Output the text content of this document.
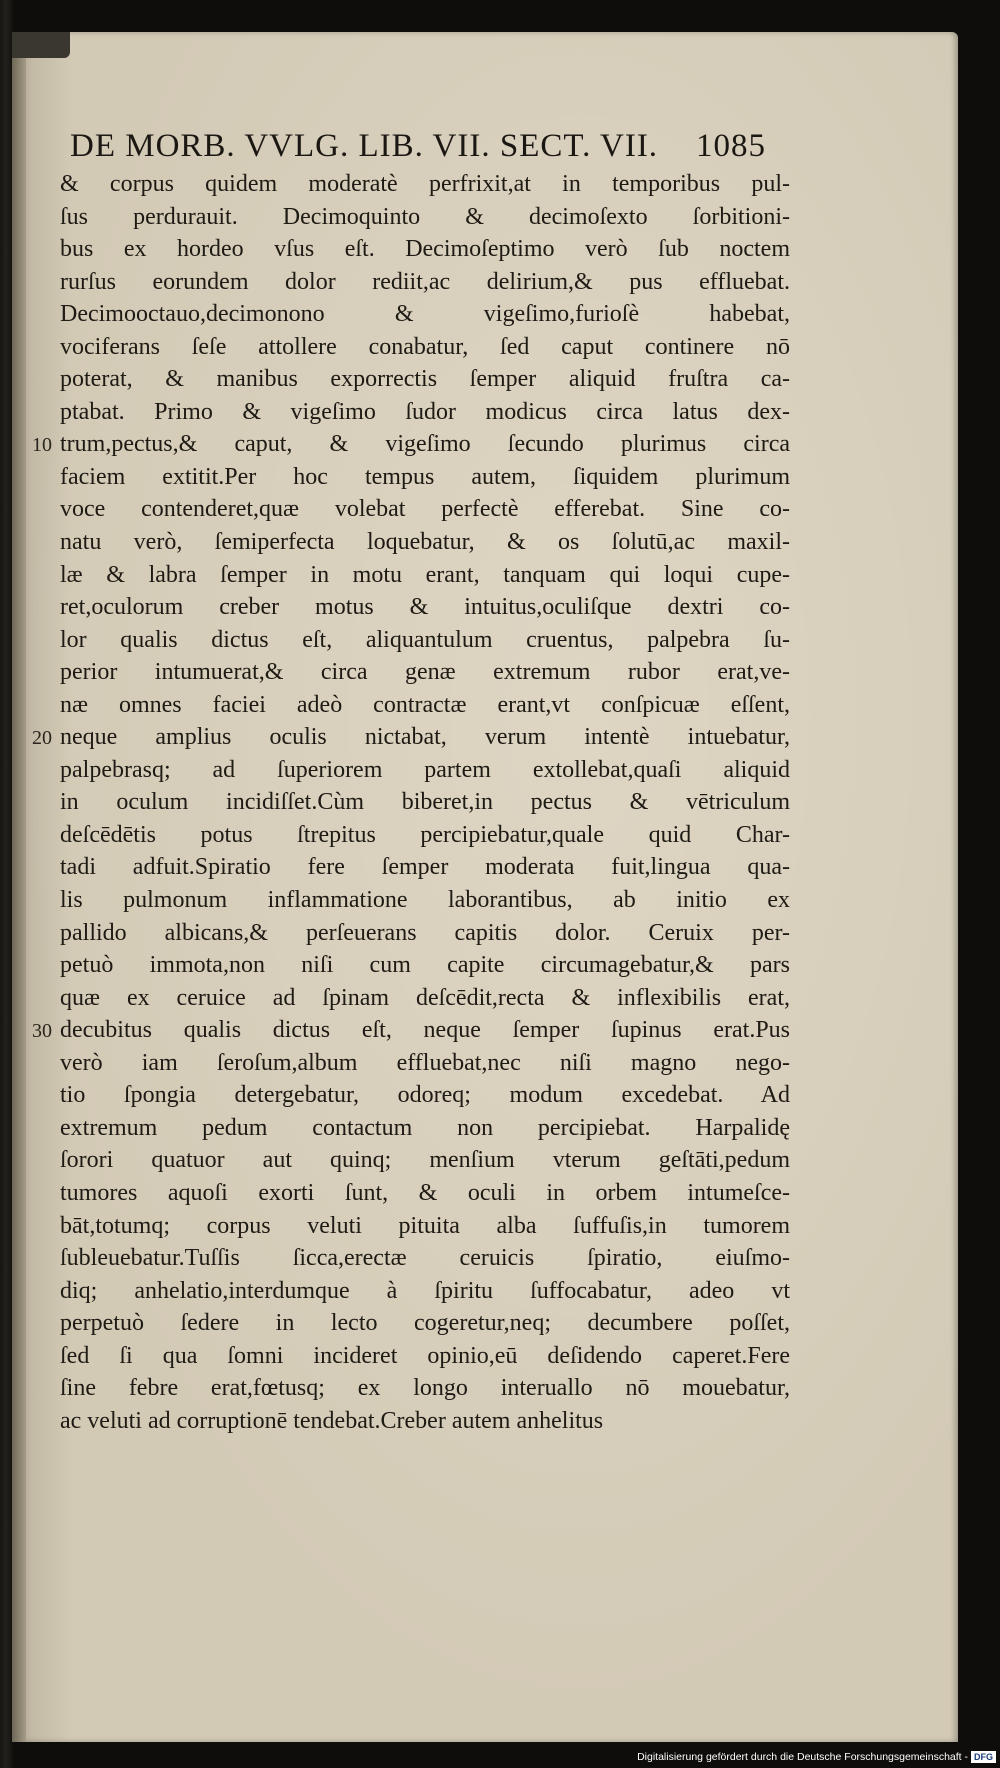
DE MORB. VVLG. LIB. VII. SECT. VII. 1085
& corpus quidem moderatè perfrixit,at in temporibus pul-
ſus perdurauit. Decimoquinto & decimoſexto ſorbitioni-
bus ex hordeo vſus eſt. Decimoſeptimo verò ſub noctem
rurſus eorundem dolor rediit,ac delirium,& pus effluebat.
Decimooctauo,decimonono & vigeſimo,furioſè habebat,
vociferans ſeſe attollere conabatur, ſed caput continere nō
poterat, & manibus exporrectis ſemper aliquid fruſtra ca-
ptabat. Primo & vigeſimo ſudor modicus circa latus dex-
trum,pectus,& caput, & vigeſimo ſecundo plurimus circa
faciem extitit.Per hoc tempus autem, ſiquidem plurimum
voce contenderet,quæ volebat perfectè efferebat. Sine co-
natu verò, ſemiperfecta loquebatur, & os ſolutū,ac maxil-
læ & labra ſemper in motu erant, tanquam qui loqui cupe-
ret,oculorum creber motus & intuitus,oculiſque dextri co-
lor qualis dictus eſt, aliquantulum cruentus, palpebra ſu-
perior intumuerat,& circa genæ extremum rubor erat,ve-
næ omnes faciei adeò contractæ erant,vt conſpicuæ eſſent,
neque amplius oculis nictabat, verum intentè intuebatur,
palpebrasq; ad ſuperiorem partem extollebat,quaſi aliquid
in oculum incidiſſet.Cùm biberet,in pectus & vētriculum
deſcēdētis potus ſtrepitus percipiebatur,quale quid Char-
tadi adfuit.Spiratio fere ſemper moderata fuit,lingua qua-
lis pulmonum inflammatione laborantibus, ab initio ex
pallido albicans,& perſeuerans capitis dolor. Ceruix per-
petuò immota,non niſi cum capite circumagebatur,& pars
quæ ex ceruice ad ſpinam deſcēdit,recta & inflexibilis erat,
decubitus qualis dictus eſt, neque ſemper ſupinus erat.Pus
verò iam ſeroſum,album effluebat,nec niſi magno nego-
tio ſpongia detergebatur, odoreq; modum excedebat. Ad
extremum pedum contactum non percipiebat. Harpalidę
ſorori quatuor aut quinq; menſium vterum geſtāti,pedum
tumores aquoſi exorti ſunt, & oculi in orbem intumeſce-
bāt,totumq; corpus veluti pituita alba ſuffuſis,in tumorem
ſubleuebatur.Tuſſis ſicca,erectæ ceruicis ſpiratio, eiuſmo-
diq; anhelatio,interdumque à ſpiritu ſuffocabatur, adeo vt
perpetuò ſedere in lecto cogeretur,neq; decumbere poſſet,
ſed ſi qua ſomni incideret opinio,eū deſidendo caperet.Fere
ſine febre erat,fœtusq; ex longo interuallo nō mouebatur,
ac veluti ad corruptionē tendebat.Creber autem anhelitus
10
20
30
Digitalisierung gefördert durch die Deutsche Forschungsgemeinschaft - DFG
